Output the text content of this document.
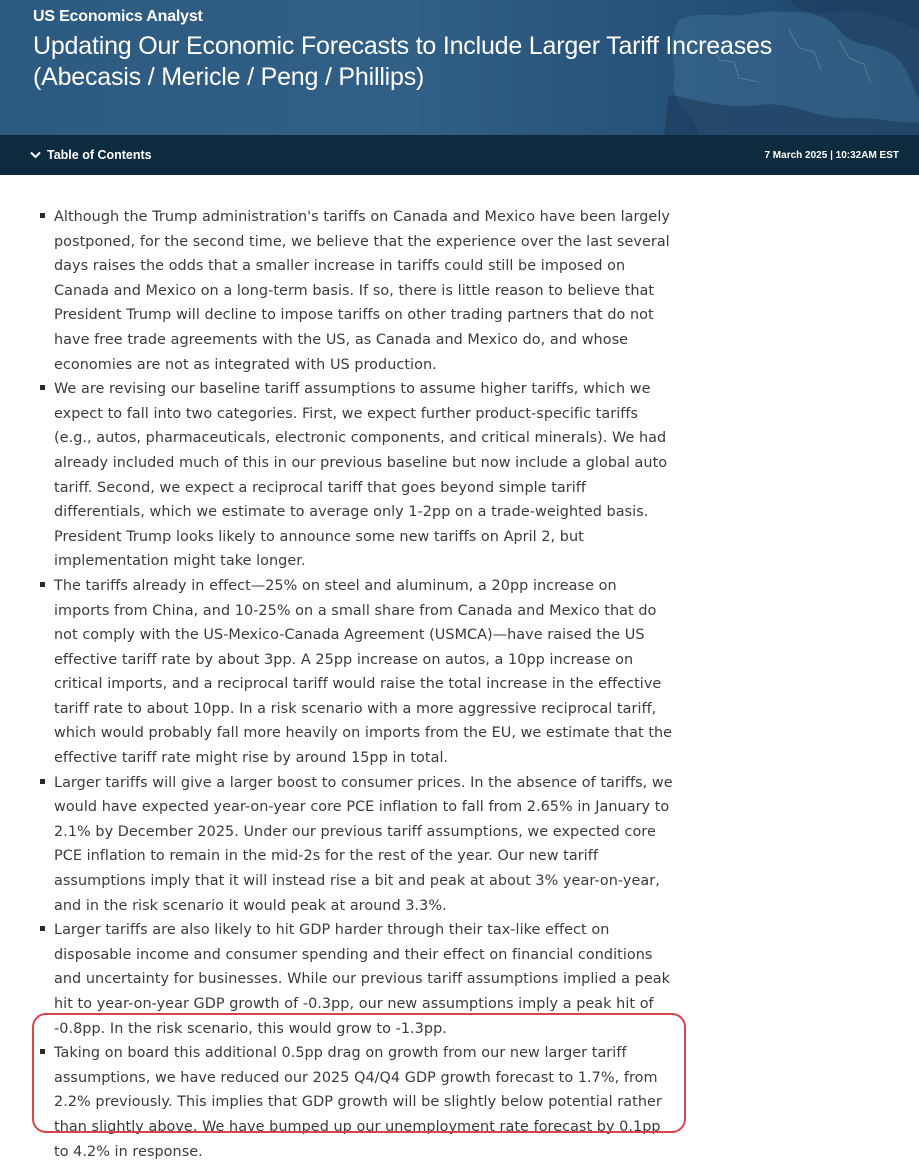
US Economics Analyst
Updating Our Economic Forecasts to Include Larger Tariff Increases (Abecasis / Mericle / Peng / Phillips)
Table of Contents	7 March 2025 | 10:32AM EST
Although the Trump administration's tariffs on Canada and Mexico have been largely postponed, for the second time, we believe that the experience over the last several days raises the odds that a smaller increase in tariffs could still be imposed on Canada and Mexico on a long-term basis. If so, there is little reason to believe that President Trump will decline to impose tariffs on other trading partners that do not have free trade agreements with the US, as Canada and Mexico do, and whose economies are not as integrated with US production.
We are revising our baseline tariff assumptions to assume higher tariffs, which we expect to fall into two categories. First, we expect further product-specific tariffs (e.g., autos, pharmaceuticals, electronic components, and critical minerals). We had already included much of this in our previous baseline but now include a global auto tariff. Second, we expect a reciprocal tariff that goes beyond simple tariff differentials, which we estimate to average only 1-2pp on a trade-weighted basis. President Trump looks likely to announce some new tariffs on April 2, but implementation might take longer.
The tariffs already in effect—25% on steel and aluminum, a 20pp increase on imports from China, and 10-25% on a small share from Canada and Mexico that do not comply with the US-Mexico-Canada Agreement (USMCA)—have raised the US effective tariff rate by about 3pp. A 25pp increase on autos, a 10pp increase on critical imports, and a reciprocal tariff would raise the total increase in the effective tariff rate to about 10pp. In a risk scenario with a more aggressive reciprocal tariff, which would probably fall more heavily on imports from the EU, we estimate that the effective tariff rate might rise by around 15pp in total.
Larger tariffs will give a larger boost to consumer prices. In the absence of tariffs, we would have expected year-on-year core PCE inflation to fall from 2.65% in January to 2.1% by December 2025. Under our previous tariff assumptions, we expected core PCE inflation to remain in the mid-2s for the rest of the year. Our new tariff assumptions imply that it will instead rise a bit and peak at about 3% year-on-year, and in the risk scenario it would peak at around 3.3%.
Larger tariffs are also likely to hit GDP harder through their tax-like effect on disposable income and consumer spending and their effect on financial conditions and uncertainty for businesses. While our previous tariff assumptions implied a peak hit to year-on-year GDP growth of -0.3pp, our new assumptions imply a peak hit of -0.8pp. In the risk scenario, this would grow to -1.3pp.
Taking on board this additional 0.5pp drag on growth from our new larger tariff assumptions, we have reduced our 2025 Q4/Q4 GDP growth forecast to 1.7%, from 2.2% previously. This implies that GDP growth will be slightly below potential rather than slightly above. We have bumped up our unemployment rate forecast by 0.1pp to 4.2% in response.
